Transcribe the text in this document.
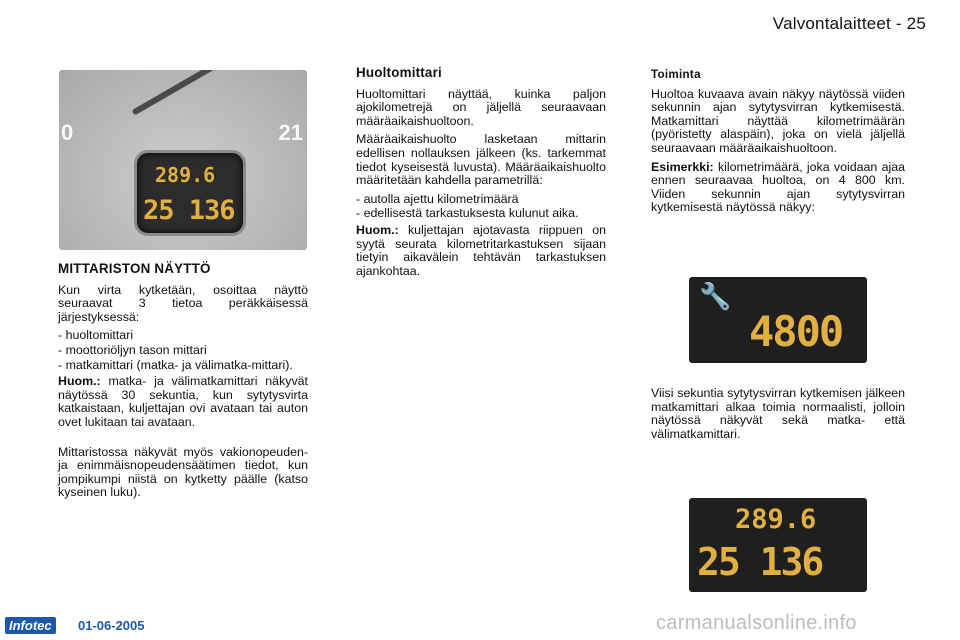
Valvontalaitteet - 25
0	21
289.6
25 136
MITTARISTON NÄYTTÖ

Kun virta kytketään, osoittaa näyttö seuraavat 3 tietoa peräkkäisessä järjestyksessä:

- huoltomittari
- moottoriöljyn tason mittari
- matkamittari (matka- ja välimatka-mittari).

Huom.: matka- ja välimatkamittari näkyvät näytössä 30 sekuntia, kun sytytysvirta katkaistaan, kuljettajan ovi avataan tai auton ovet lukitaan tai avataan.

Mittaristossa näkyvät myös vakionopeuden- ja enimmäisnopeudensäätimen tiedot, kun jompikumpi niistä on kytketty päälle (katso kyseinen luku).

Huoltomittari

Huoltomittari näyttää, kuinka paljon ajokilometrejä on jäljellä seuraavaan määräaikaishuoltoon.

Määräaikaishuolto lasketaan mittarin edellisen nollauksen jälkeen (ks. tarkemmat tiedot kyseisestä luvusta). Määräaikaishuolto määritetään kahdella parametrillä:

- autolla ajettu kilometrimäärä
- edellisestä tarkastuksesta kulunut aika.

Huom.: kuljettajan ajotavasta riippuen on syytä seurata kilometritarkastuksen sijaan tietyin aikavälein tehtävän tarkastuksen ajankohtaa.

Toiminta

Huoltoa kuvaava avain näkyy näytössä viiden sekunnin ajan sytytysvirran kytkemisestä. Matkamittari näyttää kilometrimäärän (pyöristetty alaspäin), joka on vielä jäljellä seuraavaan määräaikaishuoltoon.

Esimerkki: kilometrimäärä, joka voidaan ajaa ennen seuraavaa huoltoa, on 4 800 km. Viiden sekunnin ajan sytytysvirran kytkemisestä näytössä näkyy:

🔧
4800

Viisi sekuntia sytytysvirran kytkemisen jälkeen matkamittari alkaa toimia normaalisti, jolloin näytössä näkyvät sekä matka- että välimatkamittari.

289.6
25 136
Infotec	01-06-2005	carmanualsonline.info
